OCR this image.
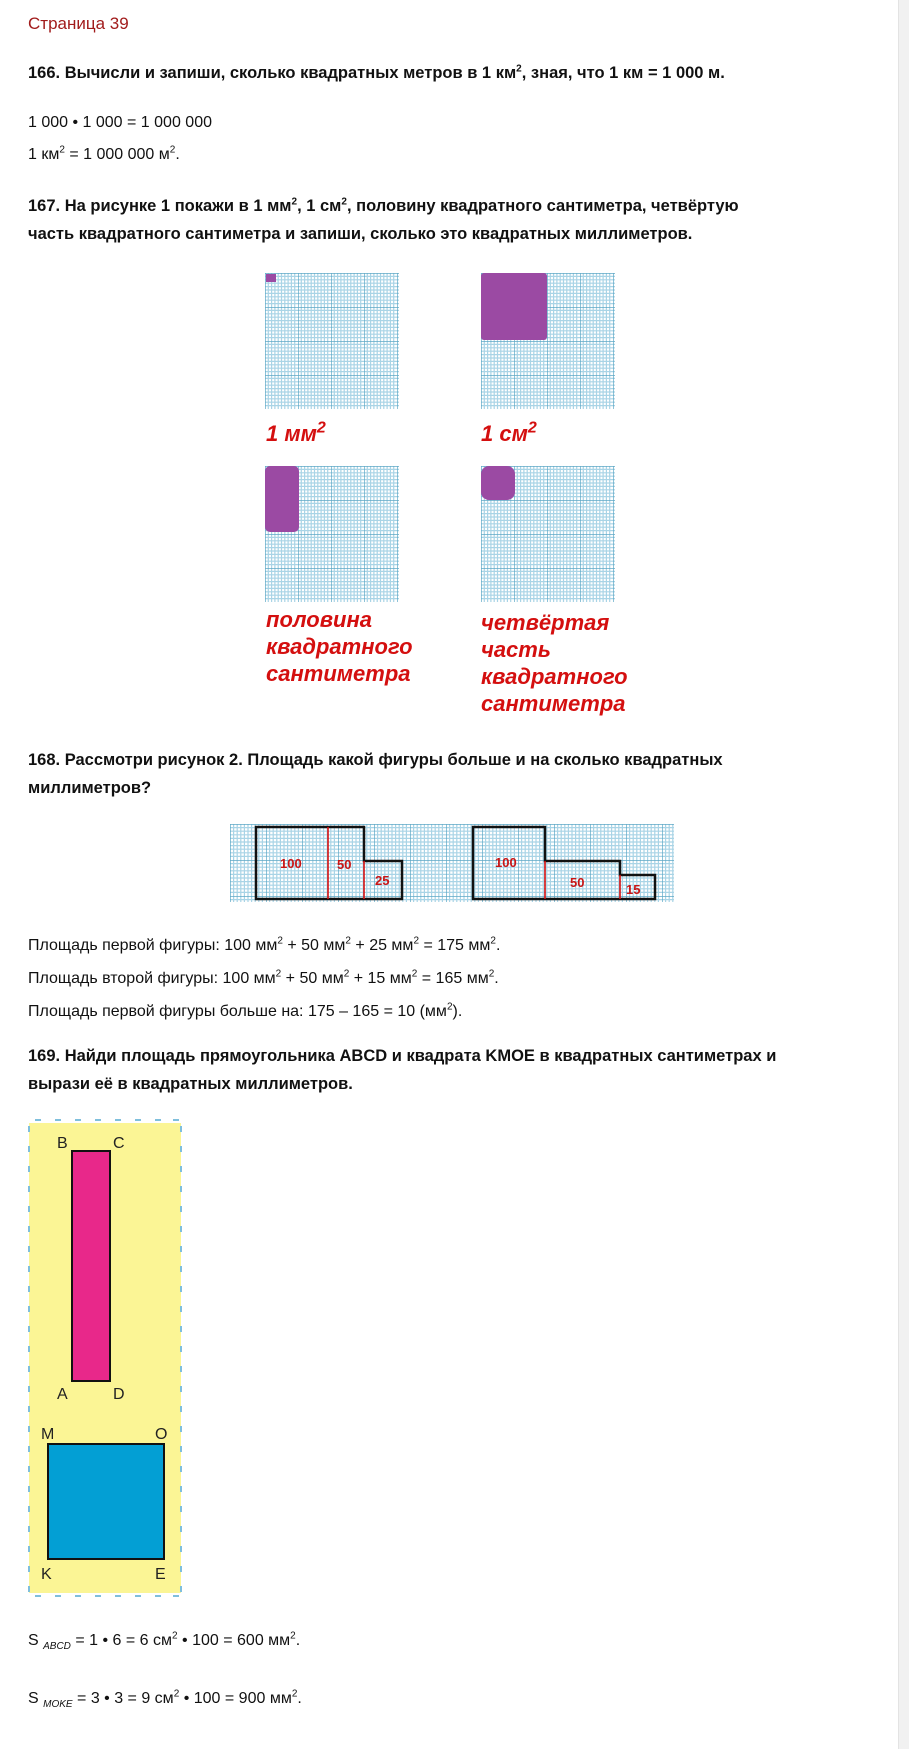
Страница 39
166. Вычисли и запиши, сколько квадратных метров в 1 $км^2$, зная, что 1 км = 1 000 м.
1 000 • 1 000 = 1 000 000
1 $км^2 = 1$ 000 000 $м^2$.
167. На рисунке 1 покажи в 1 $мм^2$, 1 $см^2$, половину квадратного сантиметра, четвёртую
часть квадратного сантиметра и запиши, сколько это квадратных миллиметров.
1 $мм^2$	1 $см^2$
половина
квадратного
сантиметра
четвёртая
часть
квадратного
сантиметра
168. Рассмотри рисунок 2. Площадь какой фигуры больше и на сколько квадратных
миллиметров?
100	50
25
100
50	15
Площадь первой фигуры: 100 $мм^2 + 50$ $мм^2 + 25$ $мм^2 = 175$ $мм^2$.
Площадь второй фигуры: 100 $мм^2 + 50$ $мм^2 + 15$ $мм^2 = 165$ $мм^2$.
Площадь первой фигуры больше на: 175 – 165 = 10 $(мм^2)$.
169. Найди площадь прямоугольника ABCD и квадрата KMOE в квадратных сантиметрах и
вырази её в квадратных миллиметров.
B	C
A	D
M	O
K	E
S $_{ABCD}$ = 1 • 6 = 6 $см^2$ • 100 = 600 $мм^2$.
S $_{MOKE}$ = 3 • 3 = 9 $см^2$ • 100 = 900 $мм^2$.
